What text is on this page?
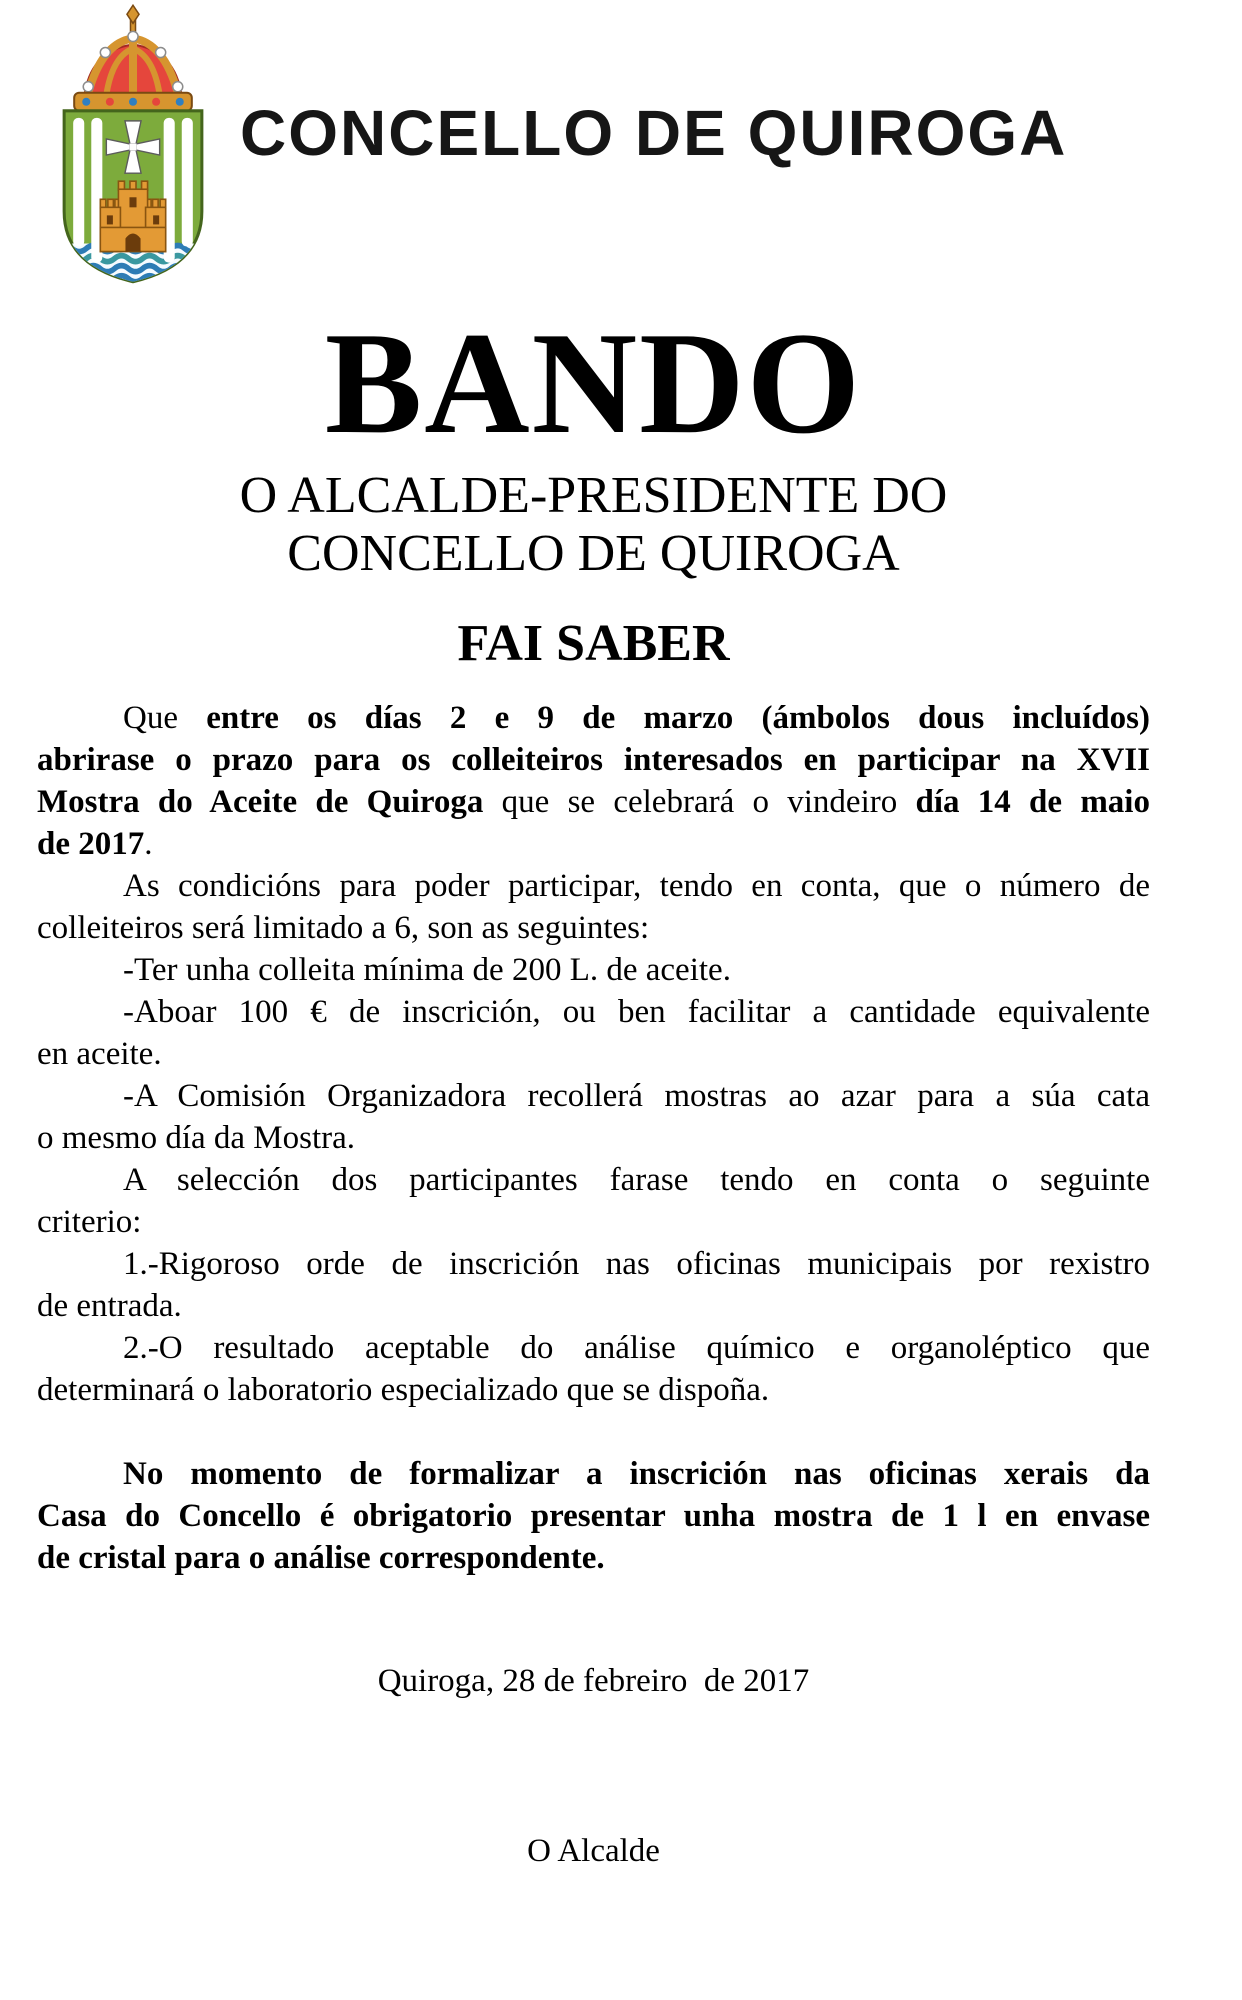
CONCELLO DE QUIROGA
BANDO
O ALCALDE-PRESIDENTE DO
CONCELLO DE QUIROGA
FAI SABER
Que entre os días 2 e 9 de marzo (ámbolos dous incluídos)
abrirase o prazo para os colleiteiros interesados en participar na XVII
Mostra do Aceite de Quiroga que se celebrará o vindeiro día 14 de maio
de 2017.
As condicións para poder participar, tendo en conta, que o número de
colleiteiros será limitado a 6, son as seguintes:
-Ter unha colleita mínima de 200 L. de aceite.
-Aboar 100 € de inscrición, ou ben facilitar a cantidade equivalente
en aceite.
-A Comisión Organizadora recollerá mostras ao azar para a súa cata
o mesmo día da Mostra.
A selección dos participantes farase tendo en conta o seguinte
criterio:
1.-Rigoroso orde de inscrición nas oficinas municipais por rexistro
de entrada.
2.-O resultado aceptable do análise químico e organoléptico que
determinará o laboratorio especializado que se dispoña.
No momento de formalizar a inscrición nas oficinas xerais da
Casa do Concello é obrigatorio presentar unha mostra de 1 l en envase
de cristal para o análise correspondente.
Quiroga, 28 de febreiro  de 2017
O Alcalde
